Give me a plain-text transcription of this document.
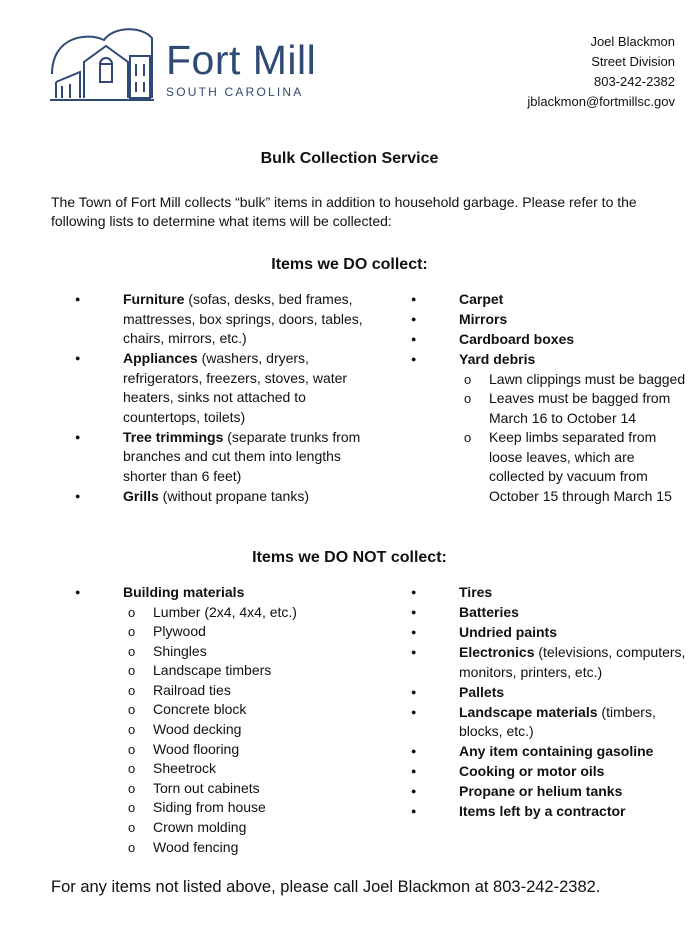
Fort Mill
SOUTH CAROLINA
Joel Blackmon
Street Division
803-242-2382
jblackmon@fortmillsc.gov
Bulk Collection Service
The Town of Fort Mill collects “bulk” items in addition to household garbage. Please refer to the following lists to determine what items will be collected:
Items we DO collect:
● Furniture (sofas, desks, bed frames, mattresses, box springs, doors, tables, chairs, mirrors, etc.)
● Appliances (washers, dryers, refrigerators, freezers, stoves, water heaters, sinks not attached to countertops, toilets)
● Tree trimmings (separate trunks from branches and cut them into lengths shorter than 6 feet)
● Grills (without propane tanks)
● Carpet
● Mirrors
● Cardboard boxes
● Yard debris
o Lawn clippings must be bagged
o Leaves must be bagged from March 16 to October 14
o Keep limbs separated from loose leaves, which are collected by vacuum from October 15 through March 15
Items we DO NOT collect:
● Building materials
o Lumber (2x4, 4x4, etc.)
o Plywood
o Shingles
o Landscape timbers
o Railroad ties
o Concrete block
o Wood decking
o Wood flooring
o Sheetrock
o Torn out cabinets
o Siding from house
o Crown molding
o Wood fencing
● Tires
● Batteries
● Undried paints
● Electronics (televisions, computers, monitors, printers, etc.)
● Pallets
● Landscape materials (timbers, blocks, etc.)
● Any item containing gasoline
● Cooking or motor oils
● Propane or helium tanks
● Items left by a contractor
For any items not listed above, please call Joel Blackmon at 803-242-2382.
